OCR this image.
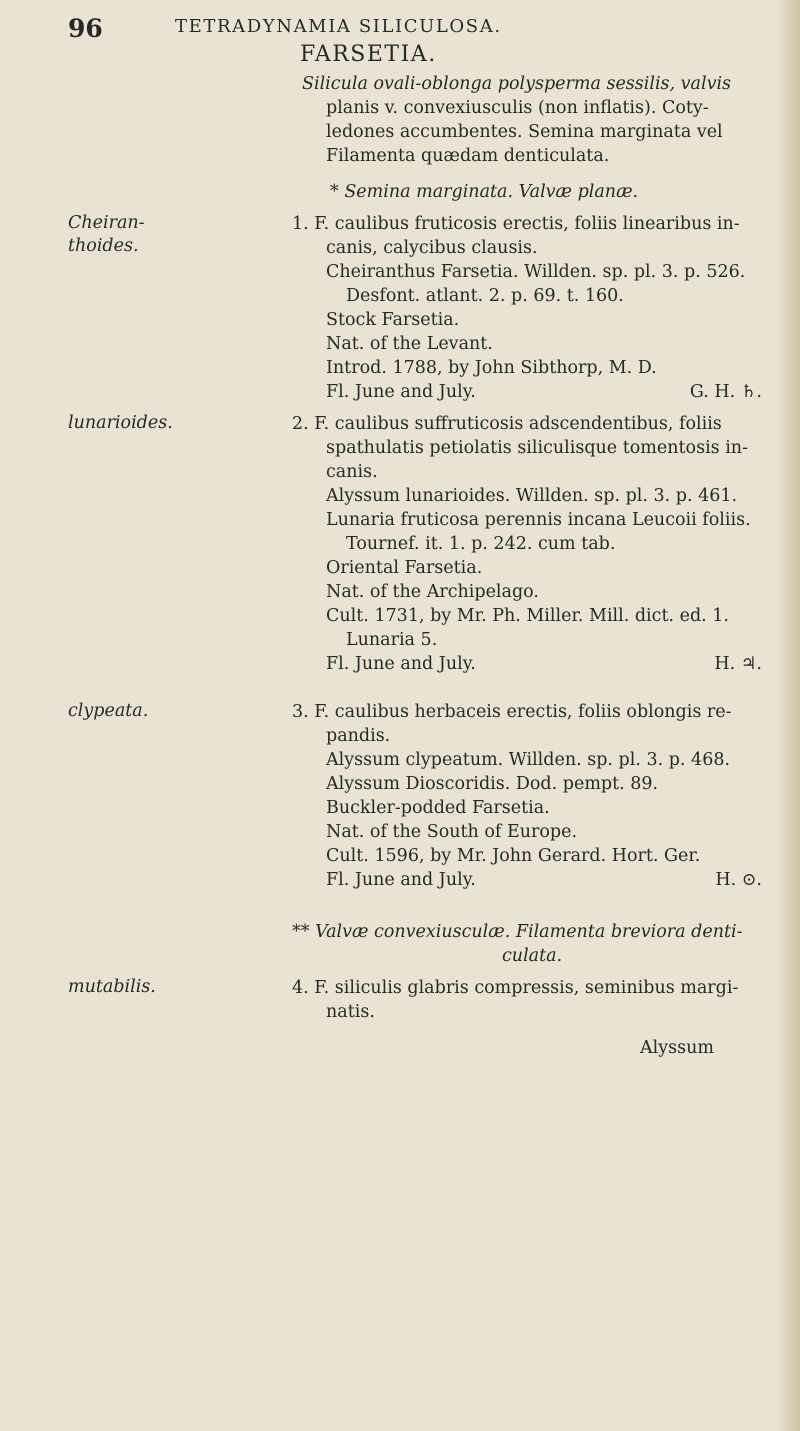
96	TETRADYNAMIA SILICULOSA.
FARSETIA.
Silicula ovali-oblonga polysperma sessilis, valvis
planis v. convexiusculis (non inflatis). Coty-
ledones accumbentes. Semina marginata vel
Filamenta quædam denticulata.
* Semina marginata. Valvæ planæ.
Cheiran-
thoides.
1. F. caulibus fruticosis erectis, foliis linearibus in-
canis, calycibus clausis.
Cheiranthus Farsetia. Willden. sp. pl. 3. p. 526.
Desfont. atlant. 2. p. 69. t. 160.
Stock Farsetia.
Nat. of the Levant.
Introd. 1788, by John Sibthorp, M. D.
Fl. June and July.	G. H. ♄.
lunarioides.	2. F. caulibus suffruticosis adscendentibus, foliis
spathulatis petiolatis siliculisque tomentosis in-
canis.
Alyssum lunarioides. Willden. sp. pl. 3. p. 461.
Lunaria fruticosa perennis incana Leucoii foliis.
Tournef. it. 1. p. 242. cum tab.
Oriental Farsetia.
Nat. of the Archipelago.
Cult. 1731, by Mr. Ph. Miller. Mill. dict. ed. 1.
Lunaria 5.
Fl. June and July.	H. ♃.
clypeata.	3. F. caulibus herbaceis erectis, foliis oblongis re-
pandis.
Alyssum clypeatum. Willden. sp. pl. 3. p. 468.
Alyssum Dioscoridis. Dod. pempt. 89.
Buckler-podded Farsetia.
Nat. of the South of Europe.
Cult. 1596, by Mr. John Gerard. Hort. Ger.
Fl. June and July.	H. ⊙.
** Valvæ convexiusculæ. Filamenta breviora denti-
culata.
mutabilis.	4. F. siliculis glabris compressis, seminibus margi-
natis.
Alyssum
